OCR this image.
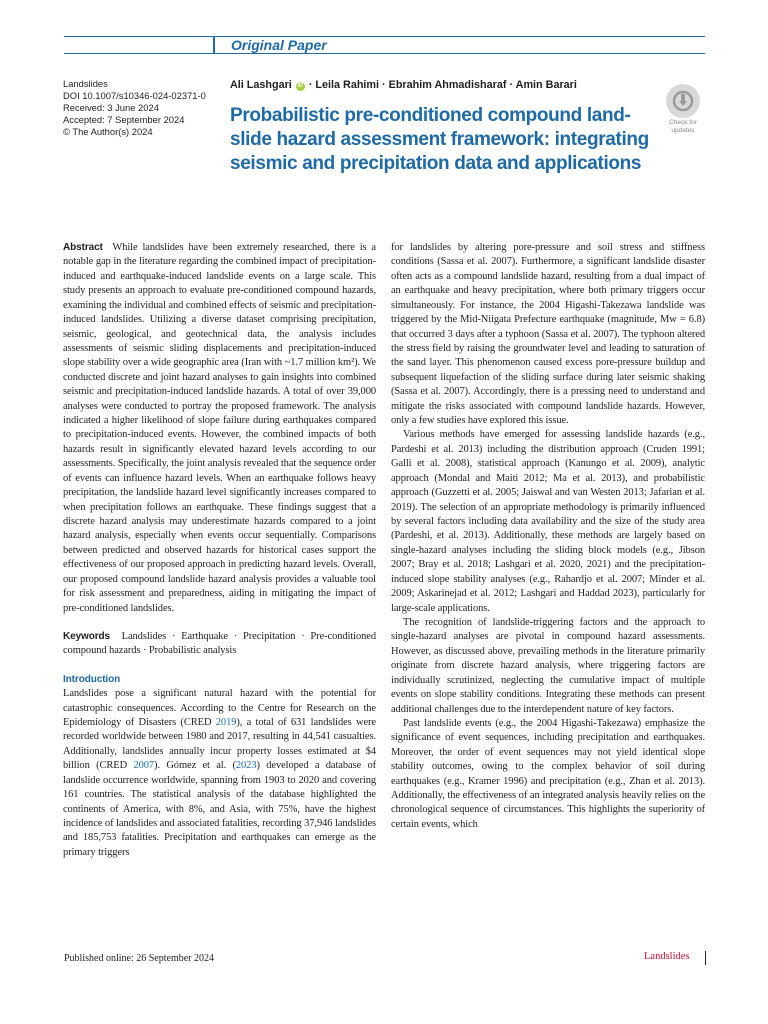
Original Paper
Landslides
DOI 10.1007/s10346-024-02371-0
Received: 3 June 2024
Accepted: 7 September 2024
© The Author(s) 2024
Ali Lashgari iD · Leila Rahimi · Ebrahim Ahmadisharaf · Amin Barari
Probabilistic pre-conditioned compound land-slide hazard assessment framework: integrating seismic and precipitation data and applications
Check for
updates

Abstract While landslides have been extremely researched, there is a notable gap in the literature regarding the combined impact of precipitation-induced and earthquake-induced landslide events on a large scale. This study presents an approach to evaluate pre-conditioned compound hazards, examining the individual and combined effects of seismic and precipitation-induced landslides. Utilizing a diverse dataset comprising precipitation, seismic, geological, and geotechnical data, the analysis includes assessments of seismic sliding displacements and precipitation-induced slope stability over a wide geographic area (Iran with ~1.7 million km²). We conducted discrete and joint hazard analyses to gain insights into combined seismic and precipitation-induced landslide hazards. A total of over 39,000 analyses were conducted to portray the proposed framework. The analysis indicated a higher likelihood of slope failure during earthquakes compared to precipitation-induced events. However, the combined impacts of both hazards result in significantly elevated hazard levels according to our assessments. Specifically, the joint analysis revealed that the sequence order of events can influence hazard levels. When an earthquake follows heavy precipitation, the landslide hazard level significantly increases compared to when precipitation follows an earthquake. These findings suggest that a discrete hazard analysis may underestimate hazards compared to a joint hazard analysis, especially when events occur sequentially. Comparisons between predicted and observed hazards for historical cases support the effectiveness of our proposed approach in predicting hazard levels. Overall, our proposed compound landslide hazard analysis provides a valuable tool for risk assessment and preparedness, aiding in mitigating the impact of pre-conditioned landslides.

Keywords Landslides · Earthquake · Precipitation · Pre-conditioned compound hazards · Probabilistic analysis

Introduction

Landslides pose a significant natural hazard with the potential for catastrophic consequences. According to the Centre for Research on the Epidemiology of Disasters (CRED 2019), a total of 631 landslides were recorded worldwide between 1980 and 2017, resulting in 44,541 casualties. Additionally, landslides annually incur property losses estimated at $4 billion (CRED 2007). Gómez et al. (2023) developed a database of landslide occurrence worldwide, spanning from 1903 to 2020 and covering 161 countries. The statistical analysis of the database highlighted the continents of America, with 8%, and Asia, with 75%, have the highest incidence of landslides and associated fatalities, recording 37,946 landslides and 185,753 fatalities. Precipitation and earthquakes can emerge as the primary triggers

for landslides by altering pore-pressure and soil stress and stiffness conditions (Sassa et al. 2007). Furthermore, a significant landslide disaster often acts as a compound landslide hazard, resulting from a dual impact of an earthquake and heavy precipitation, where both primary triggers occur simultaneously. For instance, the 2004 Higashi-Takezawa landslide was triggered by the Mid-Niigata Prefecture earthquake (magnitude, Mw = 6.8) that occurred 3 days after a typhoon (Sassa et al. 2007). The typhoon altered the stress field by raising the groundwater level and leading to saturation of the sand layer. This phenomenon caused excess pore-pressure buildup and subsequent liquefaction of the sliding surface during later seismic shaking (Sassa et al. 2007). Accordingly, there is a pressing need to understand and mitigate the risks associated with compound landslide hazards. However, only a few studies have explored this issue.

Various methods have emerged for assessing landslide hazards (e.g., Pardeshi et al. 2013) including the distribution approach (Cruden 1991; Galli et al. 2008), statistical approach (Kanungo et al. 2009), analytic approach (Mondal and Maiti 2012; Ma et al. 2013), and probabilistic approach (Guzzetti et al. 2005; Jaiswal and van Westen 2013; Jafarian et al. 2019). The selection of an appropriate methodology is primarily influenced by several factors including data availability and the size of the study area (Pardeshi, et al. 2013). Additionally, these methods are largely based on single-hazard analyses including the sliding block models (e.g., Jibson 2007; Bray et al. 2018; Lashgari et al. 2020, 2021) and the precipitation-induced slope stability analyses (e.g., Rahardjo et al. 2007; Minder et al. 2009; Askarinejad et al. 2012; Lashgari and Haddad 2023), particularly for large-scale applications.

The recognition of landslide-triggering factors and the approach to single-hazard analyses are pivotal in compound hazard assessments. However, as discussed above, prevailing methods in the literature primarily originate from discrete hazard analysis, where triggering factors are individually scrutinized, neglecting the cumulative impact of multiple events on slope stability conditions. Integrating these methods can present additional challenges due to the interdependent nature of key factors.

Past landslide events (e.g., the 2004 Higashi-Takezawa) emphasize the significance of event sequences, including precipitation and earthquakes. Moreover, the order of event sequences may not yield identical slope stability outcomes, owing to the complex behavior of soil during earthquakes (e.g., Kramer 1996) and precipitation (e.g., Zhan et al. 2013). Additionally, the effectiveness of an integrated analysis heavily relies on the chronological sequence of circumstances. This highlights the superiority of certain events, which

Published online: 26 September 2024	Landslides
